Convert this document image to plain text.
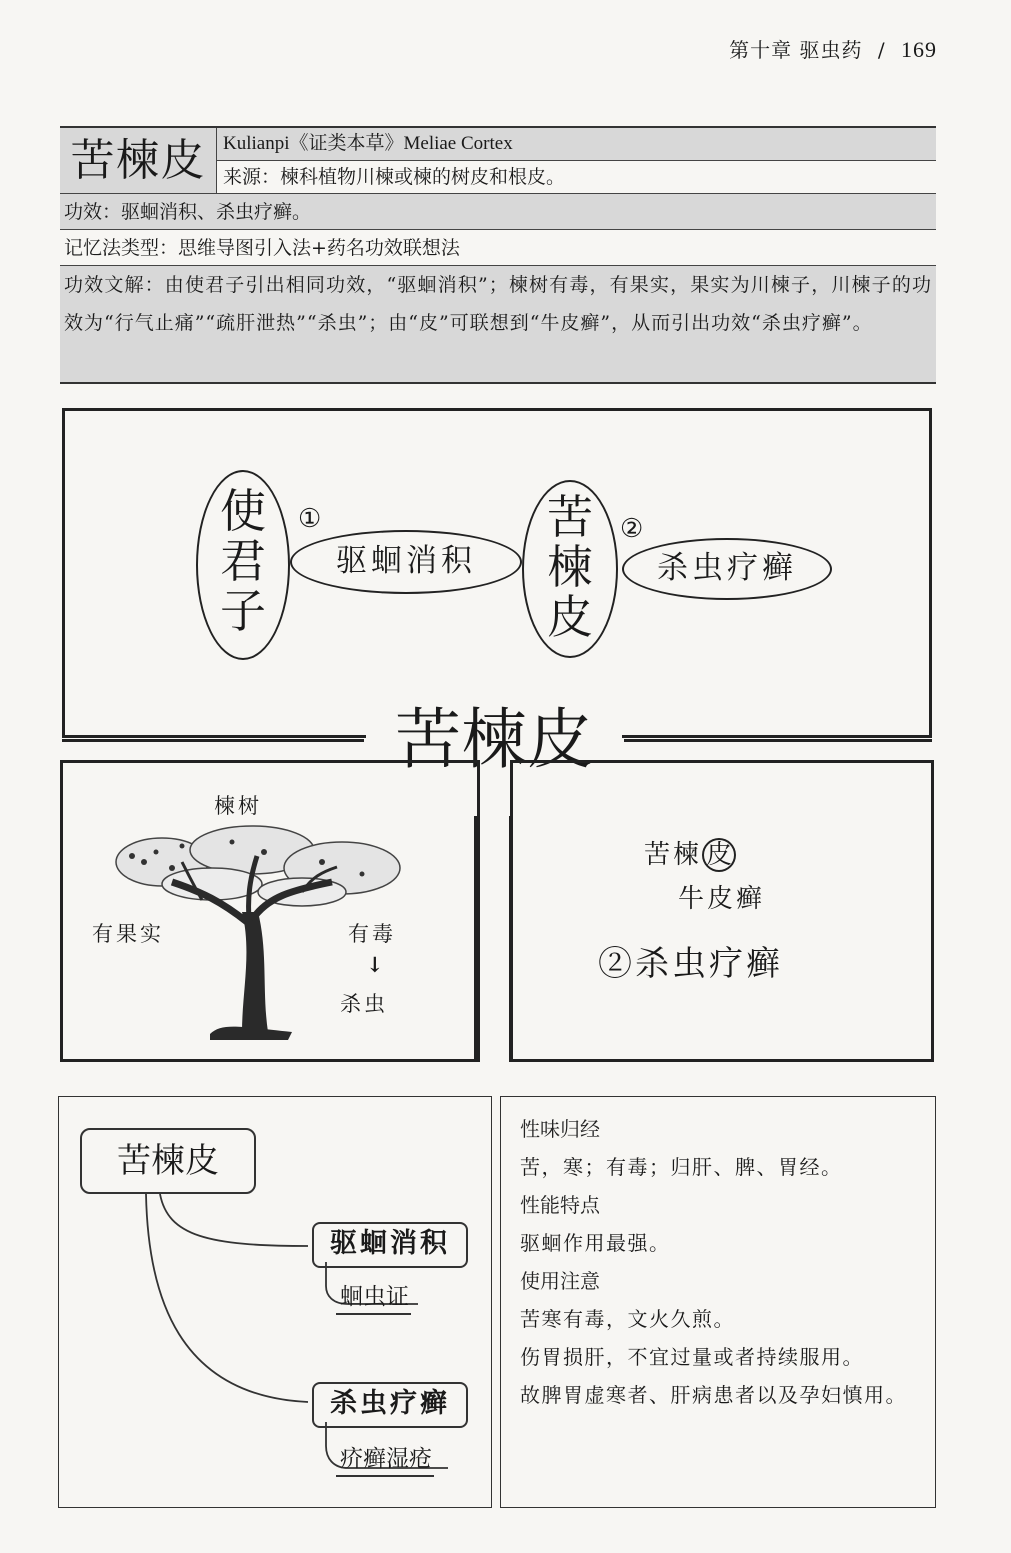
第十章 驱虫药 / 169
苦楝皮 Kulianpi《证类本草》Meliae Cortex
来源：楝科植物川楝或楝的树皮和根皮。
功效：驱蛔消积、杀虫疗癣。
记忆法类型：思维导图引入法+药名功效联想法
功效文解：由使君子引出相同功效，“驱蛔消积”；楝树有毒，有果实，果实为川楝子，川楝子的功效为“行气止痛”“疏肝泄热”“杀虫”；由“皮”可联想到“牛皮癣”，从而引出功效“杀虫疗癣”。
使
君
子
①
驱蛔消积
苦
楝
皮
②
杀虫疗癣
苦楝皮
楝树
有果实	有毒
↓
杀虫
苦楝 皮
牛皮癣
②杀虫疗癣
苦楝皮
驱蛔消积
蛔虫证
杀虫疗癣
疥癣湿疮
性味归经
苦，寒；有毒；归肝、脾、胃经。
性能特点
驱蛔作用最强。
使用注意
苦寒有毒，文火久煎。
伤胃损肝，不宜过量或者持续服用。
故脾胃虚寒者、肝病患者以及孕妇慎用。
